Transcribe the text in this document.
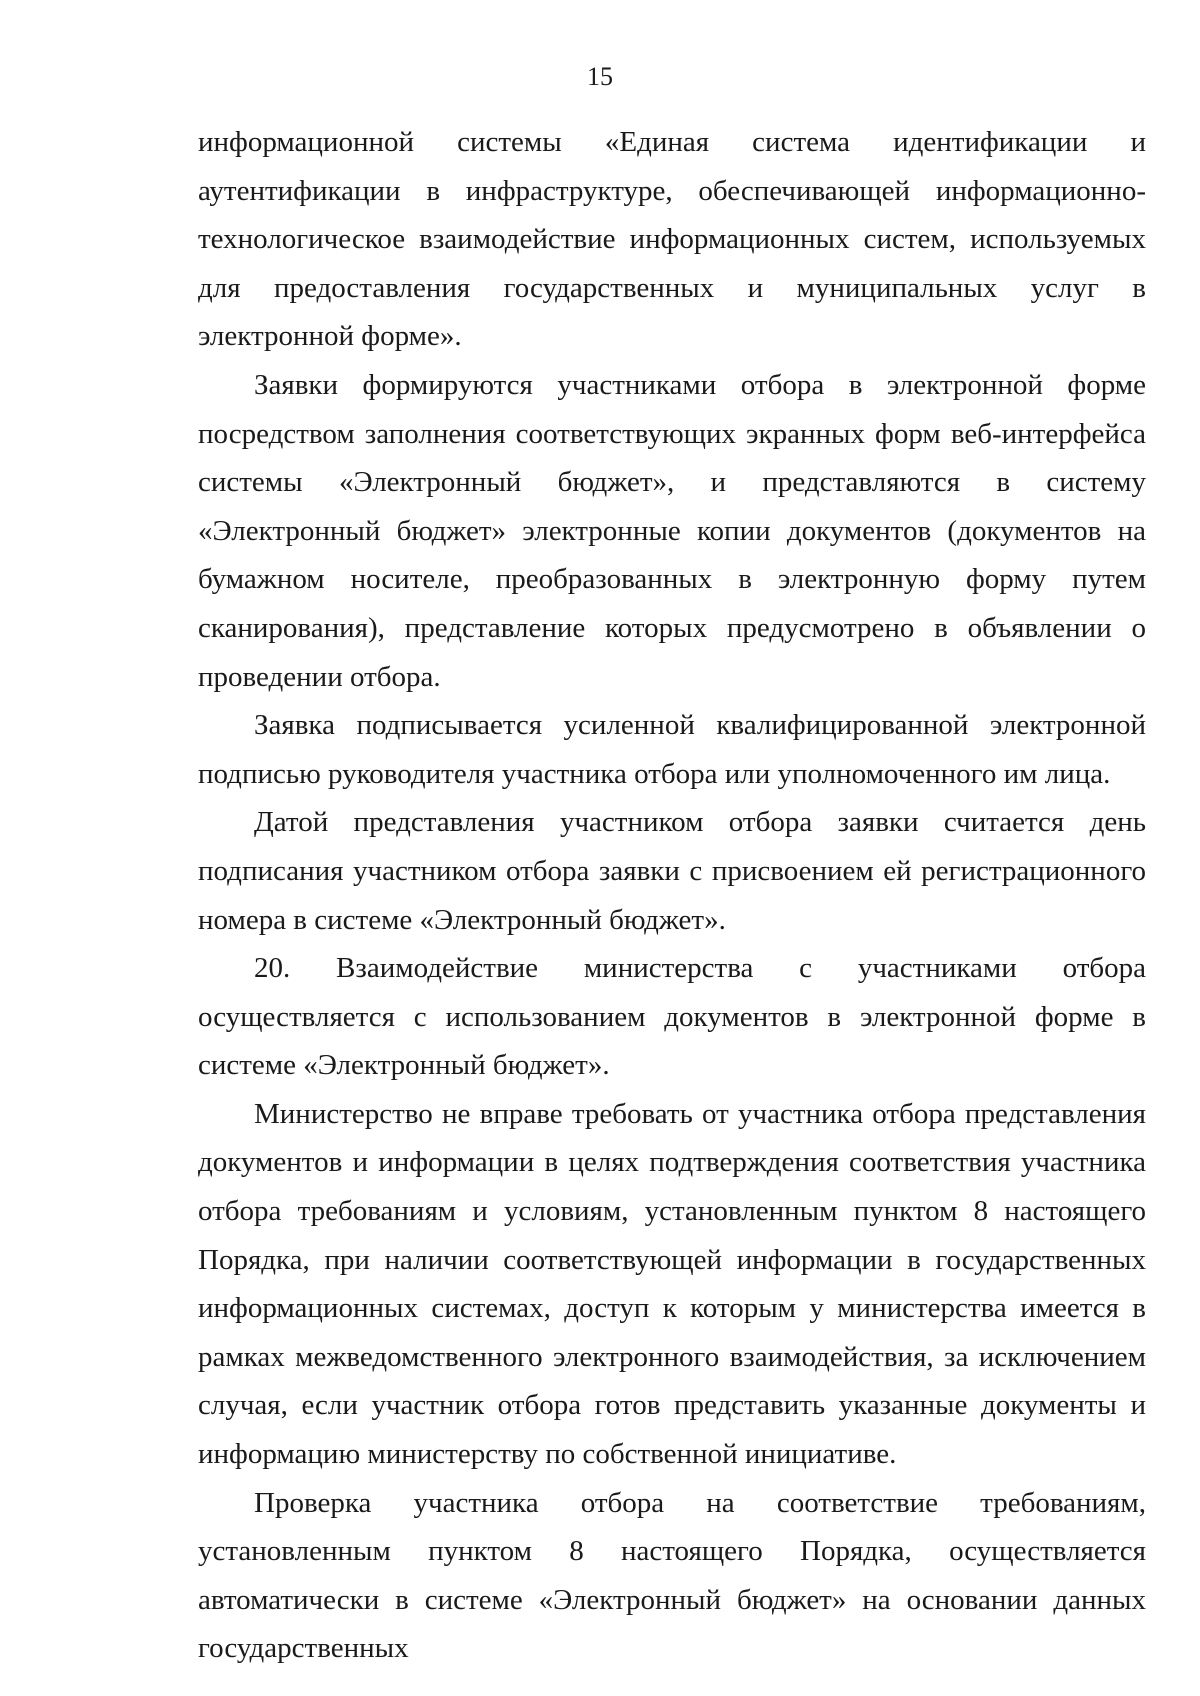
15

информационной системы «Единая система идентификации и аутентификации в инфраструктуре, обеспечивающей информационно-технологическое взаимодействие информационных систем, используемых для предоставления государственных и муниципальных услуг в электронной форме».

Заявки формируются участниками отбора в электронной форме посредством заполнения соответствующих экранных форм веб-интерфейса системы «Электронный бюджет», и представляются в систему «Электронный бюджет» электронные копии документов (документов на бумажном носителе, преобразованных в электронную форму путем сканирования), представление которых предусмотрено в объявлении о проведении отбора.

Заявка подписывается усиленной квалифицированной электронной подписью руководителя участника отбора или уполномоченного им лица.

Датой представления участником отбора заявки считается день подписания участником отбора заявки с присвоением ей регистрационного номера в системе «Электронный бюджет».

20. Взаимодействие министерства с участниками отбора осуществляется с использованием документов в электронной форме в системе «Электронный бюджет».

Министерство не вправе требовать от участника отбора представления документов и информации в целях подтверждения соответствия участника отбора требованиям и условиям, установленным пунктом 8 настоящего Порядка, при наличии соответствующей информации в государственных информационных системах, доступ к которым у министерства имеется в рамках межведомственного электронного взаимодействия, за исключением случая, если участник отбора готов представить указанные документы и информацию министерству по собственной инициативе.

Проверка участника отбора на соответствие требованиям, установленным пунктом 8 настоящего Порядка, осуществляется автоматически в системе «Электронный бюджет» на основании данных государственных
